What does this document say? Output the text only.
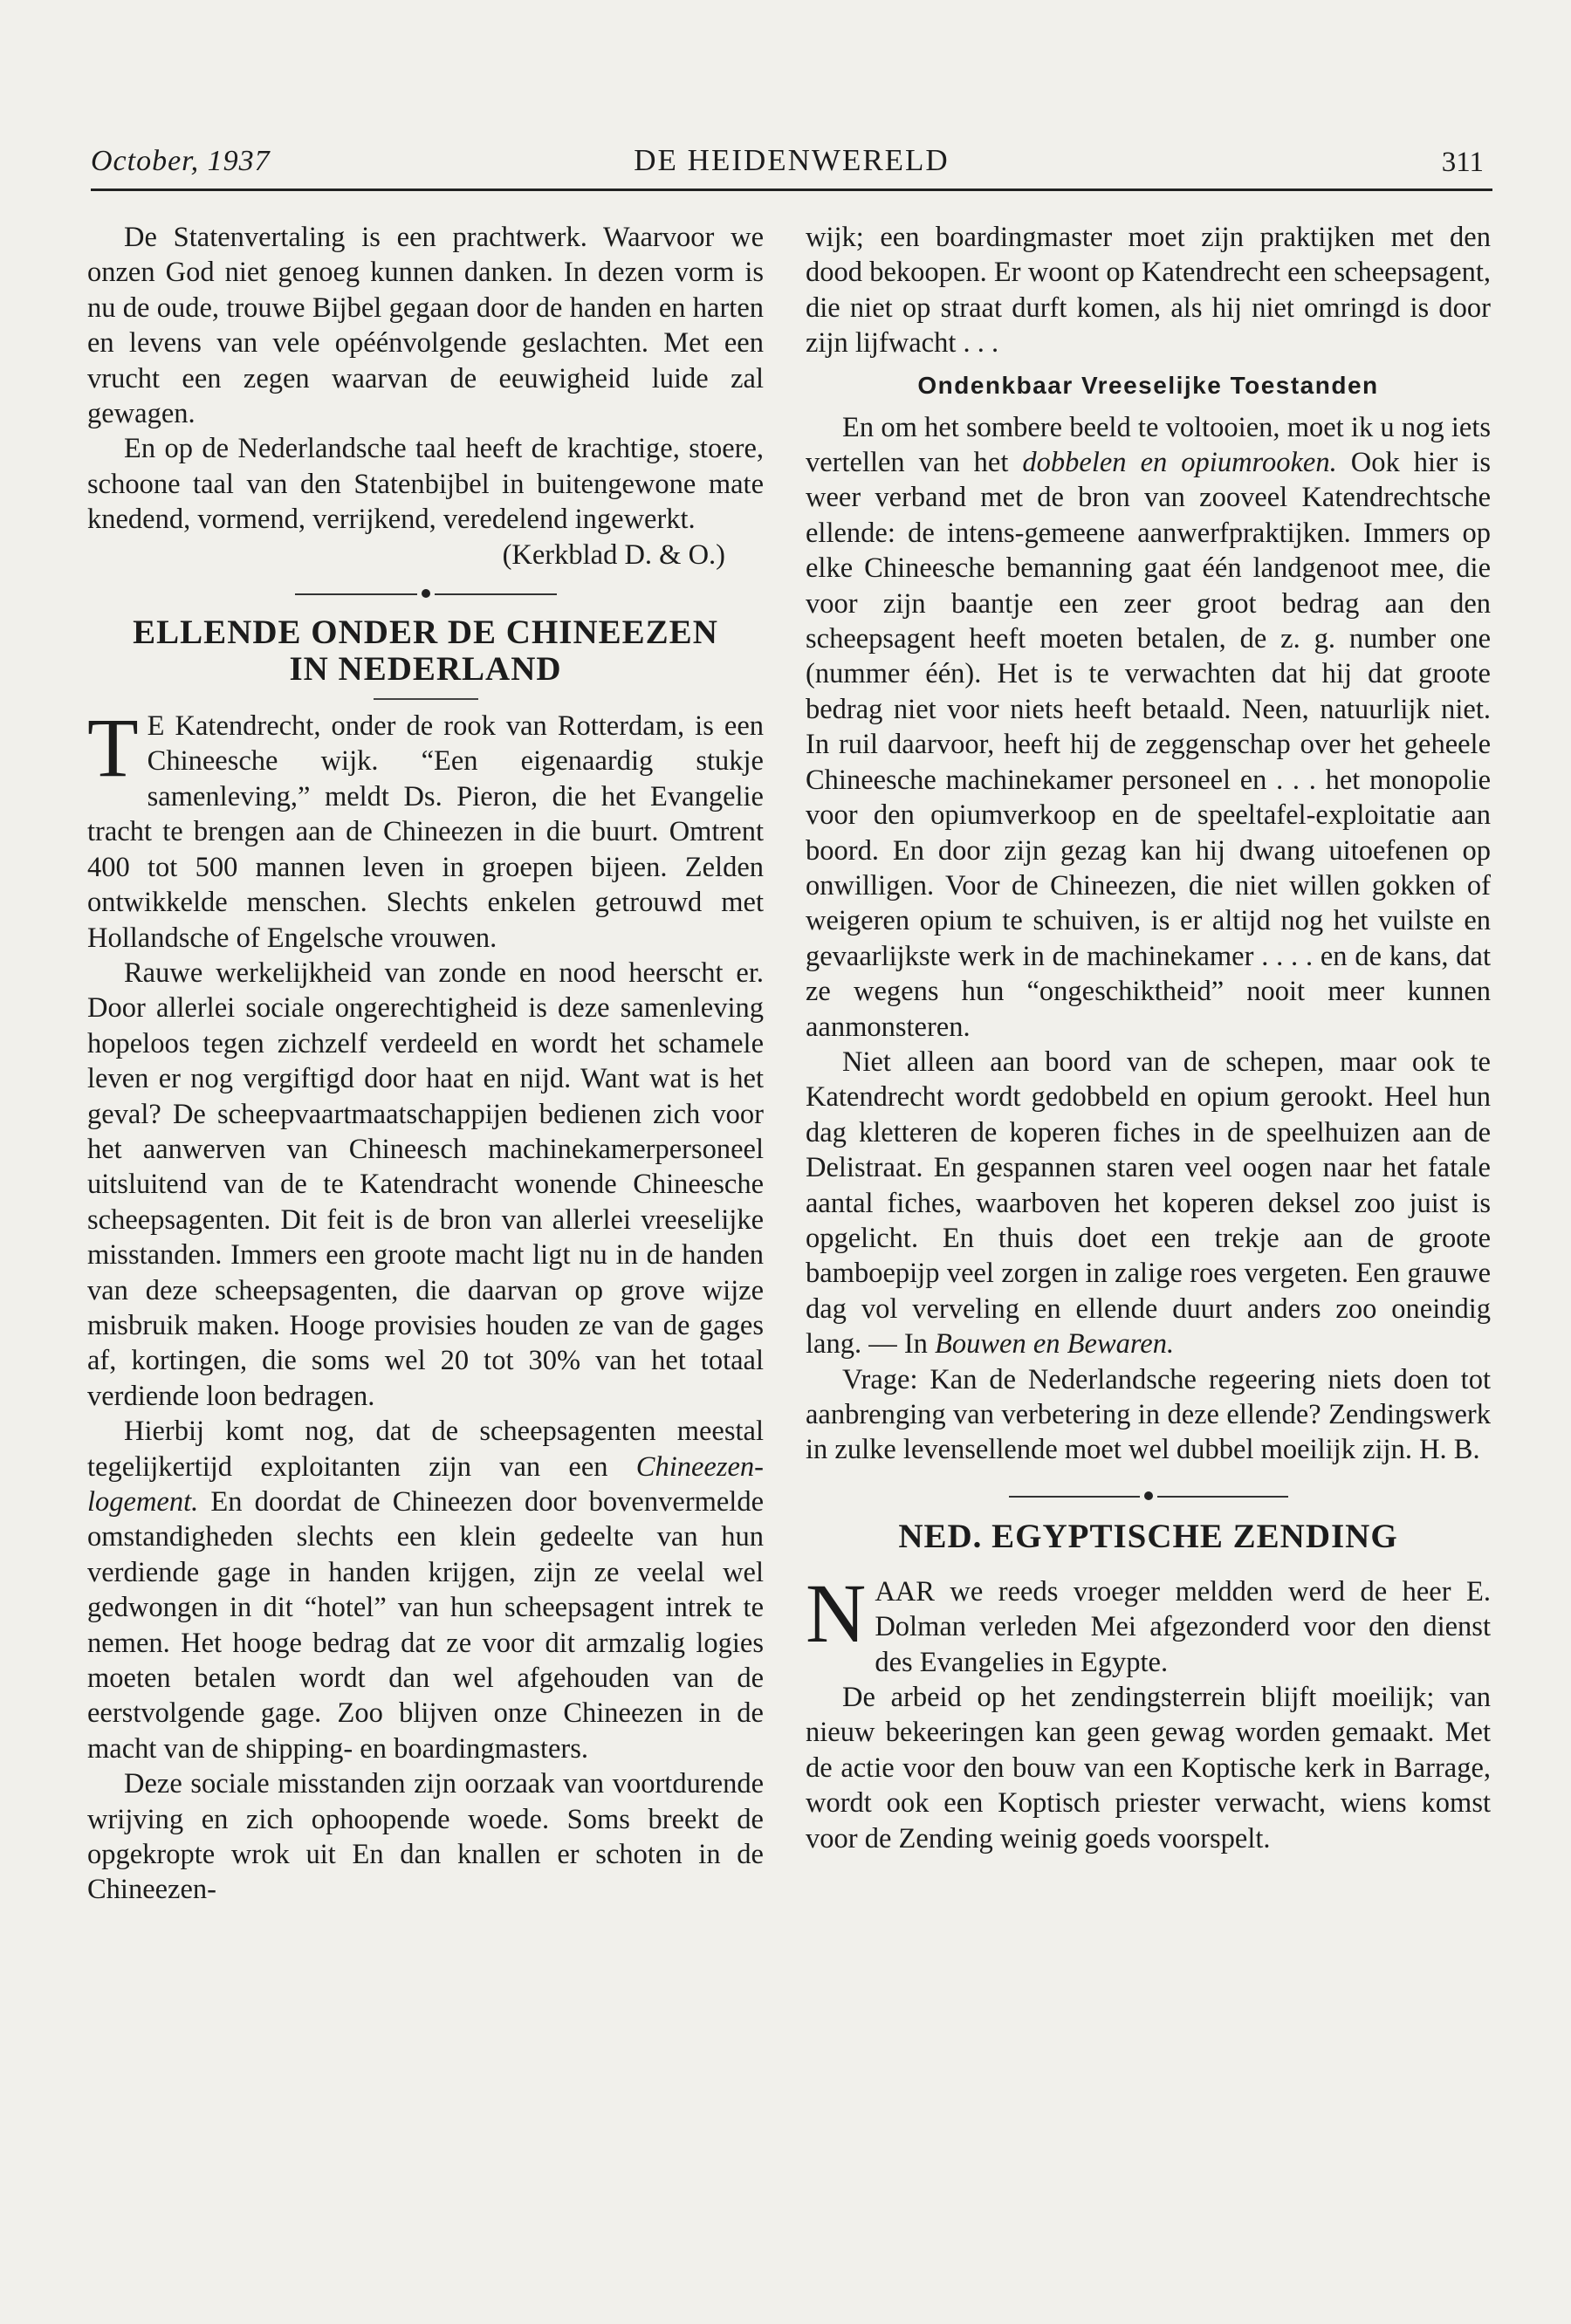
October, 1937	DE HEIDENWERELD	311

De Statenvertaling is een prachtwerk. Waarvoor we onzen God niet genoeg kunnen danken. In dezen vorm is nu de oude, trouwe Bijbel gegaan door de handen en harten en levens van vele opéénvolgende geslachten. Met een vrucht een zegen waarvan de eeuwigheid luide zal gewagen.

En op de Nederlandsche taal heeft de krachtige, stoere, schoone taal van den Statenbijbel in buitengewone mate knedend, vormend, verrijkend, veredelend ingewerkt.

(Kerkblad D. & O.)

ELLENDE ONDER DE CHINEEZEN
IN NEDERLAND

T E Katendrecht, onder de rook van Rotterdam, is een Chineesche wijk. “Een eigenaardig stukje samenleving,” meldt Ds. Pieron, die het Evangelie tracht te brengen aan de Chineezen in die buurt. Omtrent 400 tot 500 mannen leven in groepen bijeen. Zelden ontwikkelde menschen. Slechts enkelen getrouwd met Hollandsche of Engelsche vrouwen.

Rauwe werkelijkheid van zonde en nood heerscht er. Door allerlei sociale ongerechtigheid is deze samenleving hopeloos tegen zichzelf verdeeld en wordt het schamele leven er nog vergiftigd door haat en nijd. Want wat is het geval? De scheepvaartmaatschappijen bedienen zich voor het aanwerven van Chineesch machinekamerpersoneel uitsluitend van de te Katendracht wonende Chineesche scheepsagenten. Dit feit is de bron van allerlei vreeselijke misstanden. Immers een groote macht ligt nu in de handen van deze scheepsagenten, die daarvan op grove wijze misbruik maken. Hooge provisies houden ze van de gages af, kortingen, die soms wel 20 tot 30% van het totaal verdiende loon bedragen.

Hierbij komt nog, dat de scheepsagenten meestal tegelijkertijd exploitanten zijn van een Chineezen-logement. En doordat de Chineezen door bovenvermelde omstandigheden slechts een klein gedeelte van hun verdiende gage in handen krijgen, zijn ze veelal wel gedwongen in dit “hotel” van hun scheepsagent intrek te nemen. Het hooge bedrag dat ze voor dit armzalig logies moeten betalen wordt dan wel afgehouden van de eerstvolgende gage. Zoo blijven onze Chineezen in de macht van de shipping- en boardingmasters.

Deze sociale misstanden zijn oorzaak van voortdurende wrijving en zich ophoopende woede. Soms breekt de opgekropte wrok uit En dan knallen er schoten in de Chineezen-

wijk; een boardingmaster moet zijn praktijken met den dood bekoopen. Er woont op Katendrecht een scheepsagent, die niet op straat durft komen, als hij niet omringd is door zijn lijfwacht . . .

Ondenkbaar Vreeselijke Toestanden

En om het sombere beeld te voltooien, moet ik u nog iets vertellen van het dobbelen en opiumrooken. Ook hier is weer verband met de bron van zooveel Katendrechtsche ellende: de intens-gemeene aanwerfpraktijken. Immers op elke Chineesche bemanning gaat één landgenoot mee, die voor zijn baantje een zeer groot bedrag aan den scheepsagent heeft moeten betalen, de z. g. number one (nummer één). Het is te verwachten dat hij dat groote bedrag niet voor niets heeft betaald. Neen, natuurlijk niet. In ruil daarvoor, heeft hij de zeggenschap over het geheele Chineesche machinekamer personeel en . . . het monopolie voor den opiumverkoop en de speeltafel-exploitatie aan boord. En door zijn gezag kan hij dwang uitoefenen op onwilligen. Voor de Chineezen, die niet willen gokken of weigeren opium te schuiven, is er altijd nog het vuilste en gevaarlijkste werk in de machinekamer . . . . en de kans, dat ze wegens hun “ongeschiktheid” nooit meer kunnen aanmonsteren.

Niet alleen aan boord van de schepen, maar ook te Katendrecht wordt gedobbeld en opium gerookt. Heel hun dag kletteren de koperen fiches in de speelhuizen aan de Delistraat. En gespannen staren veel oogen naar het fatale aantal fiches, waarboven het koperen deksel zoo juist is opgelicht. En thuis doet een trekje aan de groote bamboepijp veel zorgen in zalige roes vergeten. Een grauwe dag vol verveling en ellende duurt anders zoo oneindig lang. — In Bouwen en Bewaren.

Vrage: Kan de Nederlandsche regeering niets doen tot aanbrenging van verbetering in deze ellende? Zendingswerk in zulke levensellende moet wel dubbel moeilijk zijn. H. B.

NED. EGYPTISCHE ZENDING

NAAR we reeds vroeger meldden werd de heer E. Dolman verleden Mei afgezonderd voor den dienst des Evangelies in Egypte.

De arbeid op het zendingsterrein blijft moeilijk; van nieuw bekeeringen kan geen gewag worden gemaakt. Met de actie voor den bouw van een Koptische kerk in Barrage, wordt ook een Koptisch priester verwacht, wiens komst voor de Zending weinig goeds voorspelt.
